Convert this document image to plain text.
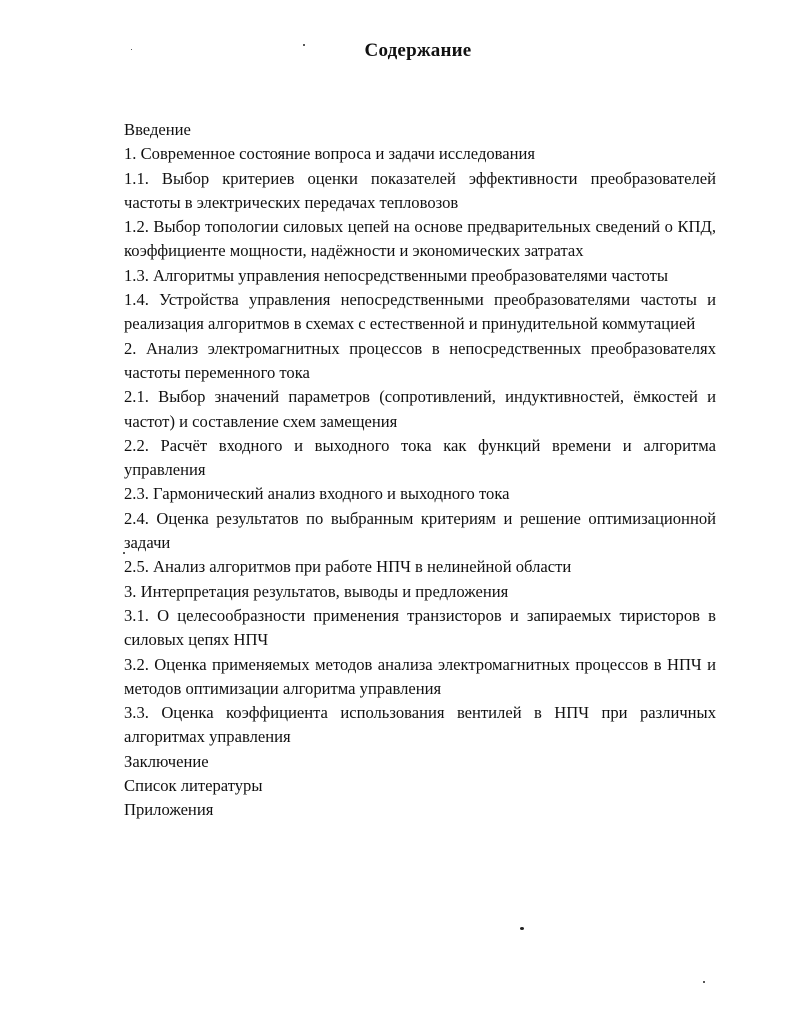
Содержание

Введение

1. Современное состояние вопроса и задачи исследования

1.1. Выбор критериев оценки показателей эффективности преобразователей частоты в электрических передачах тепловозов

1.2. Выбор топологии силовых цепей на основе предварительных сведений о КПД, коэффициенте мощности, надёжности и экономических затратах

1.3. Алгоритмы управления непосредственными преобразователями частоты

1.4. Устройства управления непосредственными преобразователями частоты и реализация алгоритмов в схемах с естественной и принудительной коммутацией

2. Анализ электромагнитных процессов в непосредственных преобразователях частоты переменного тока

2.1. Выбор значений параметров (сопротивлений, индуктивностей, ёмкостей и частот) и составление схем замещения

2.2. Расчёт входного и выходного тока как функций времени и алгоритма управления

2.3. Гармонический анализ входного и выходного тока

2.4. Оценка результатов по выбранным критериям и решение оптимизационной задачи

2.5. Анализ алгоритмов при работе НПЧ в нелинейной области

3. Интерпретация результатов, выводы и предложения

3.1. О целесообразности применения транзисторов и запираемых тиристоров в силовых цепях НПЧ

3.2. Оценка применяемых методов анализа электромагнитных процессов в НПЧ и методов оптимизации алгоритма управления

3.3. Оценка коэффициента использования вентилей в НПЧ при различных алгоритмах управления

Заключение

Список литературы

Приложения
